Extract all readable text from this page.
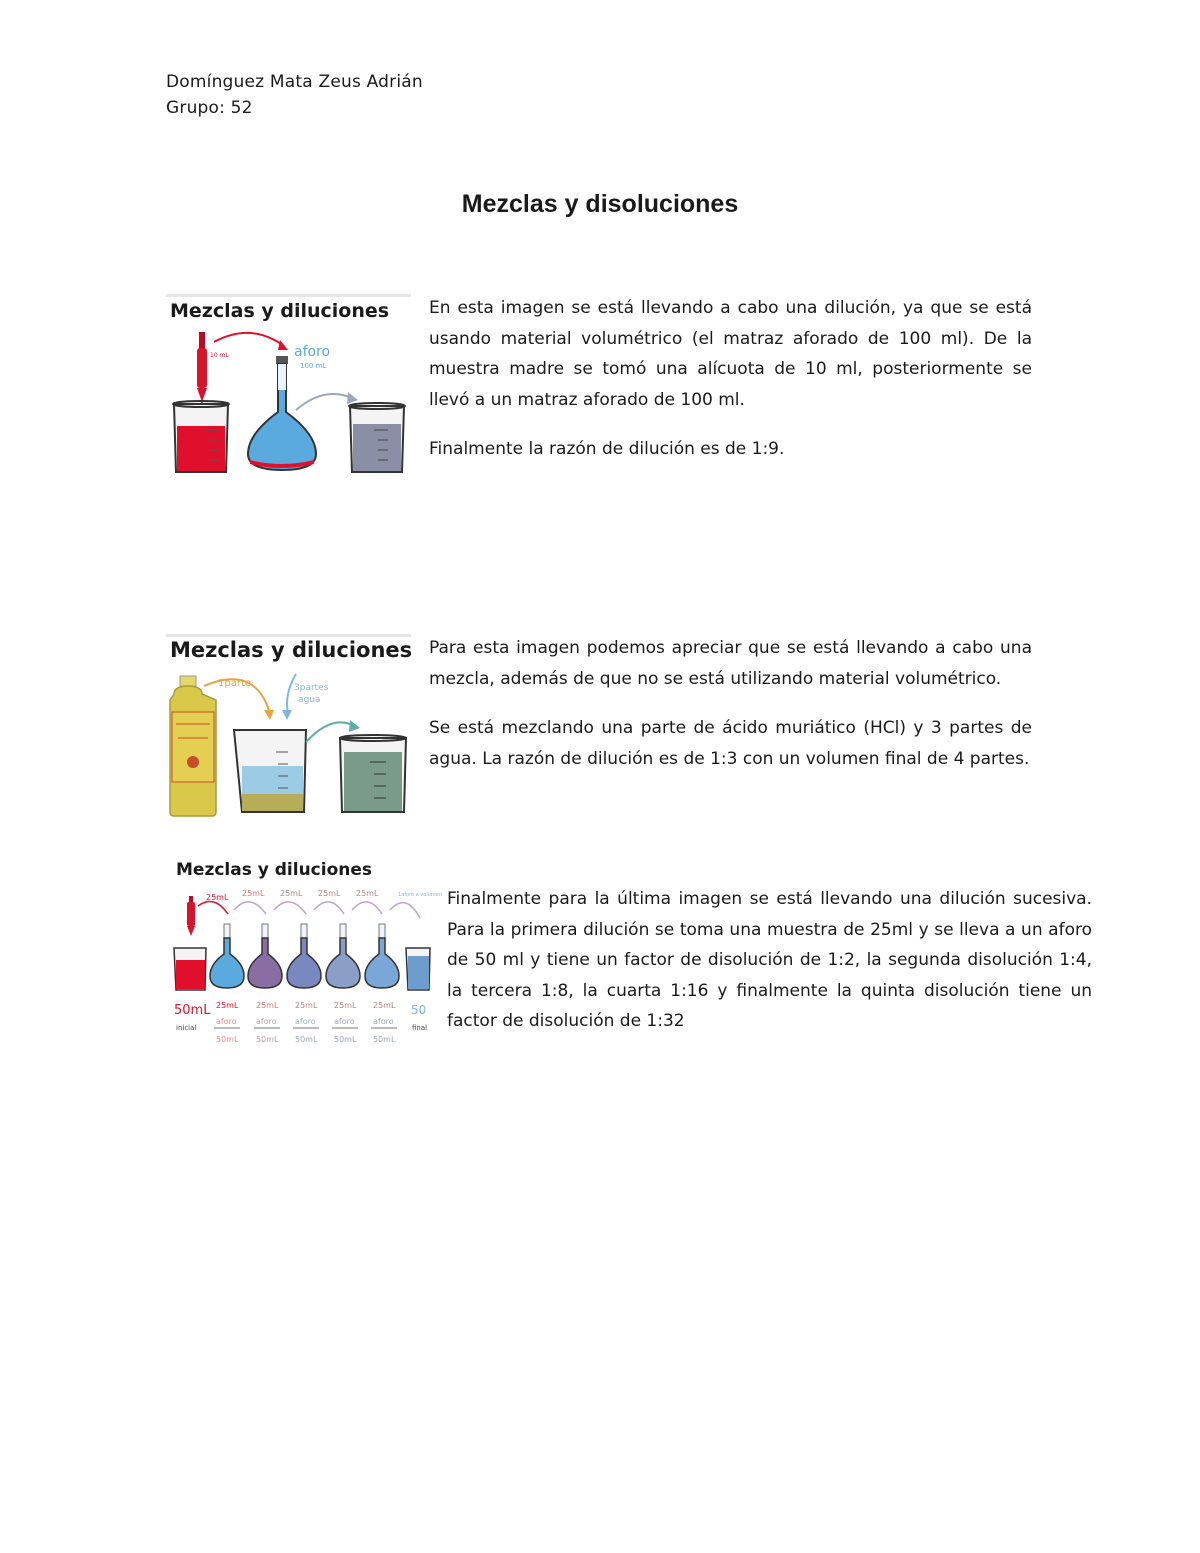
Domínguez Mata Zeus Adrián
Grupo: 52
Mezclas y disoluciones
Mezclas y diluciones
10 mL	aforo
100 mL

En esta imagen se está llevando a cabo una dilución, ya que se está usando material volumétrico (el matraz aforado de 100 ml). De la muestra madre se tomó una alícuota de 10 ml, posteriormente se llevó a un matraz aforado de 100 ml.

Finalmente la razón de dilución es de 1:9.

Mezclas y diluciones
1parte	3partes
agua

Para esta imagen podemos apreciar que se está llevando a cabo una mezcla, además de que no se está utilizando material volumétrico.

Se está mezclando una parte de ácido muriático (HCl) y 3 partes de agua. La razón de dilución es de 1:3 con un volumen final de 4 partes.

Mezclas y diluciones
25mL 25mL 25mL 25mL 25mL	1aforo a volumen
50mL
inicial
25mL
aforo
50mL
25mL
aforo
50mL
25mL
aforo
50mL
25mL
aforo
50mL
25mL
aforo
50mL
50
final

Finalmente para la última imagen se está llevando una dilución sucesiva. Para la primera dilución se toma una muestra de 25ml y se lleva a un aforo de 50 ml y tiene un factor de disolución de 1:2, la segunda disolución 1:4, la tercera 1:8, la cuarta 1:16 y finalmente la quinta disolución tiene un factor de disolución de 1:32
